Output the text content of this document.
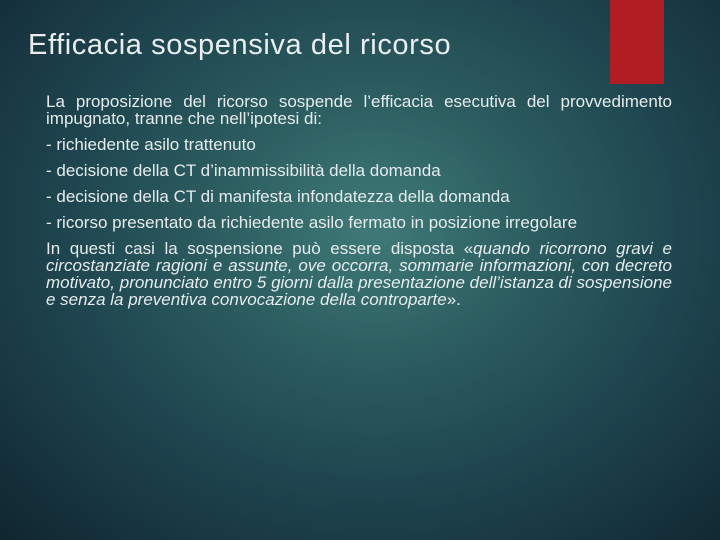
Efficacia sospensiva del ricorso

La proposizione del ricorso sospende l’efficacia esecutiva del provvedimento impugnato, tranne che nell’ipotesi di:

- richiedente asilo trattenuto

- decisione della CT d’inammissibilità della domanda

- decisione della CT di manifesta infondatezza della domanda

- ricorso presentato da richiedente asilo fermato in posizione irregolare

In questi casi la sospensione può essere disposta «quando ricorrono gravi e circostanziate ragioni e assunte, ove occorra, sommarie informazioni, con decreto motivato, pronunciato entro 5 giorni dalla presentazione dell’istanza di sospensione e senza la preventiva convocazione della controparte».
